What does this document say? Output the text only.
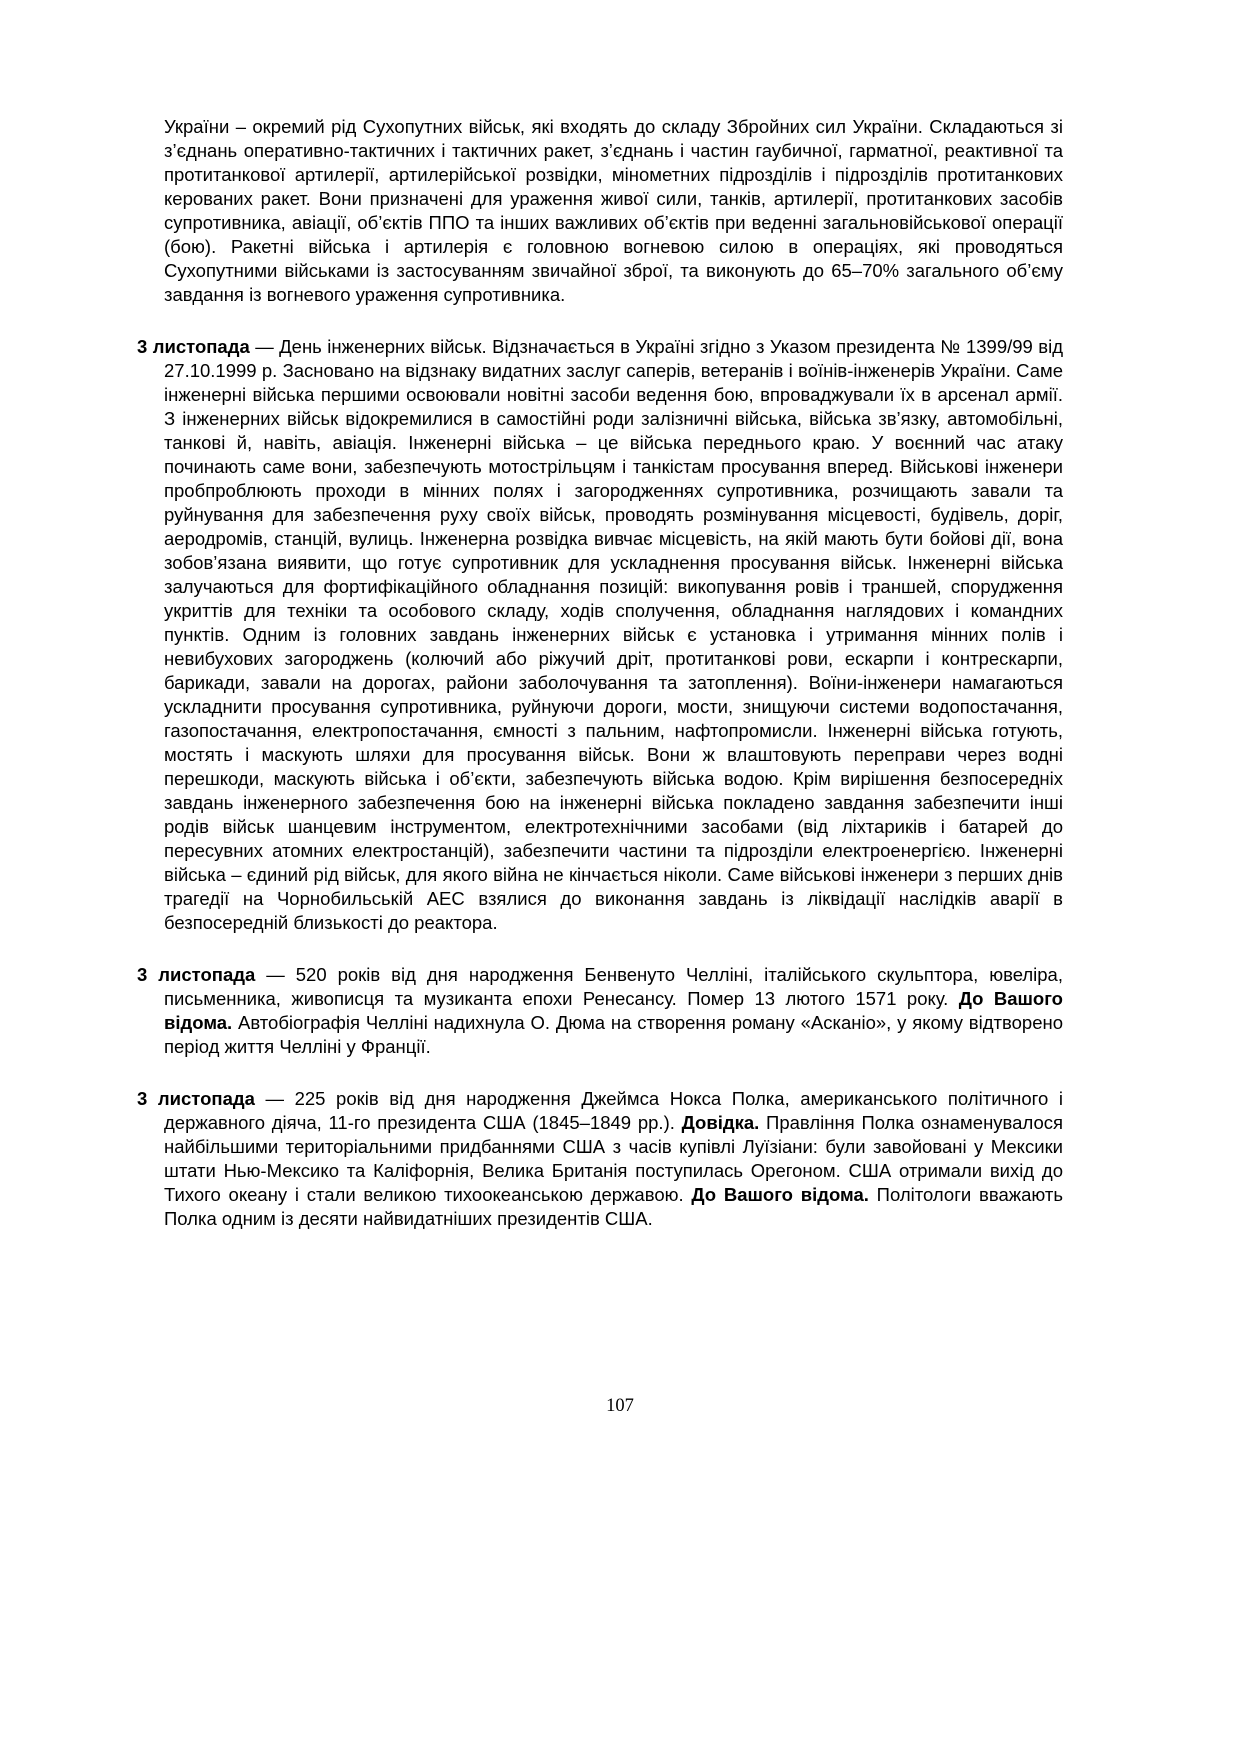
України – окремий рід Сухопутних військ, які входять до складу Збройних сил України. Складаються зі з’єднань оперативно-тактичних і тактичних ракет, з’єднань і частин гаубичної, гарматної, реактивної та протитанкової артилерії, артилерійської розвідки, мінометних підрозділів і підрозділів протитанкових керованих ракет. Вони призначені для ураження живої сили, танків, артилерії, протитанкових засобів супротивника, авіації, об’єктів ППО та інших важливих об’єктів при веденні загальновійськової операції (бою). Ракетні війська і артилерія є головною вогневою силою в операціях, які проводяться Сухопутними військами із застосуванням звичайної зброї, та виконують до 65–70% загального об’єму завдання із вогневого ураження супротивника.

3 листопада — День інженерних військ. Відзначається в Україні згідно з Указом президента № 1399/99 від 27.10.1999 р. Засновано на відзнаку видатних заслуг саперів, ветеранів і воїнів-інженерів України. Саме інженерні війська першими освоювали новітні засоби ведення бою, впроваджували їх в арсенал армії. З інженерних військ відокремилися в самостійні роди залізничні війська, війська зв’язку, автомобільні, танкові й, навіть, авіація. Інженерні війська – це війська переднього краю. У воєнний час атаку починають саме вони, забезпечують мотострільцям і танкістам просування вперед. Військові інженери пробпроблюють проходи в мінних полях і загородженнях супротивника, розчищають завали та руйнування для забезпечення руху своїх військ, проводять розмінування місцевості, будівель, доріг, аеродромів, станцій, вулиць. Інженерна розвідка вивчає місцевість, на якій мають бути бойові дії, вона зобов’язана виявити, що готує супротивник для ускладнення просування військ. Інженерні війська залучаються для фортифікаційного обладнання позицій: викопування ровів і траншей, спорудження укриттів для техніки та особового складу, ходів сполучення, обладнання наглядових і командних пунктів. Одним із головних завдань інженерних військ є установка і утримання мінних полів і невибухових загороджень (колючий або ріжучий дріт, протитанкові рови, ескарпи і контрескарпи, барикади, завали на дорогах, райони заболочування та затоплення). Воїни-інженери намагаються ускладнити просування супротивника, руйнуючи дороги, мости, знищуючи системи водопостачання, газопостачання, електропостачання, ємності з пальним, нафтопромисли. Інженерні війська готують, мостять і маскують шляхи для просування військ. Вони ж влаштовують переправи через водні перешкоди, маскують війська і об’єкти, забезпечують війська водою. Крім вирішення безпосередніх завдань інженерного забезпечення бою на інженерні війська покладено завдання забезпечити інші родів військ шанцевим інструментом, електротехнічними засобами (від ліхтариків і батарей до пересувних атомних електростанцій), забезпечити частини та підрозділи електроенергією. Інженерні війська – єдиний рід військ, для якого війна не кінчається ніколи. Саме військові інженери з перших днів трагедії на Чорнобильській АЕС взялися до виконання завдань із ліквідації наслідків аварії в безпосередній близькості до реактора.

3 листопада — 520 років від дня народження Бенвенуто Челліні, італійського скульптора, ювеліра, письменника, живописця та музиканта епохи Ренесансу. Помер 13 лютого 1571 року. До Вашого відома. Автобіографія Челліні надихнула О. Дюма на створення роману «Асканіо», у якому відтворено період життя Челліні у Франції.

3 листопада — 225 років від дня народження Джеймса Нокса Полка, американського політичного і державного діяча, 11-го президента США (1845–1849 рр.). Довідка. Правління Полка ознаменувалося найбільшими територіальними придбаннями США з часів купівлі Луїзіани: були завойовані у Мексики штати Нью-Мексико та Каліфорнія, Велика Британія поступилась Орегоном. США отримали вихід до Тихого океану і стали великою тихоокеанською державою. До Вашого відома. Політологи вважають Полка одним із десяти найвидатніших президентів США.

107
